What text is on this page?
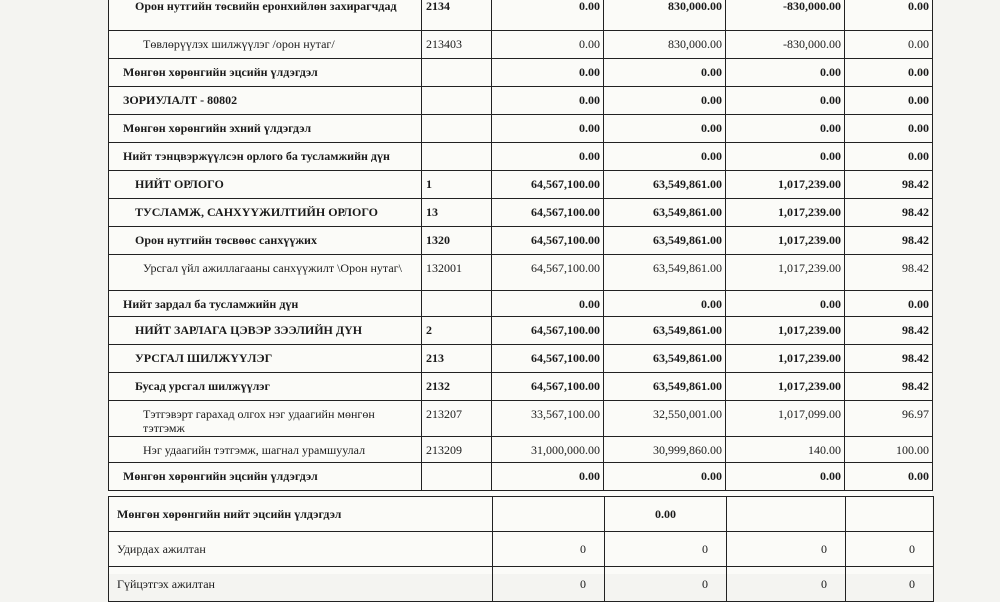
Орон нутгийн төсвийн еронхийлөн захирагчдад	2134	0.00	830,000.00	-830,000.00	0.00
Төвлөрүүлэх шилжүүлэг /орон нутаг/	213403	0.00	830,000.00	-830,000.00	0.00
Мөнгөн хөрөнгийн эцсийн үлдэгдэл		0.00	0.00	0.00	0.00
ЗОРИУЛАЛТ - 80802		0.00	0.00	0.00	0.00
Мөнгөн хөрөнгийн эхний үлдэгдэл		0.00	0.00	0.00	0.00
Нийт тэнцвэржүүлсэн орлого ба тусламжийн дүн		0.00	0.00	0.00	0.00
НИЙТ ОРЛОГО	1	64,567,100.00	63,549,861.00	1,017,239.00	98.42
ТУСЛАМЖ, САНХҮҮЖИЛТИЙН ОРЛОГО	13	64,567,100.00	63,549,861.00	1,017,239.00	98.42
Орон нутгийн төсвөөс санхүүжих	1320	64,567,100.00	63,549,861.00	1,017,239.00	98.42
Урсгал үйл ажиллагааны санхүүжилт \Орон нутаг\	132001	64,567,100.00	63,549,861.00	1,017,239.00	98.42
Нийт зардал ба тусламжийн дүн		0.00	0.00	0.00	0.00
НИЙТ ЗАРЛАГА ЦЭВЭР ЗЭЭЛИЙН ДҮН	2	64,567,100.00	63,549,861.00	1,017,239.00	98.42
УРСГАЛ ШИЛЖҮҮЛЭГ	213	64,567,100.00	63,549,861.00	1,017,239.00	98.42
Бусад урсгал шилжүүлэг	2132	64,567,100.00	63,549,861.00	1,017,239.00	98.42
Тэтгэвэрт гарахад олгох нэг удаагийн мөнгөн тэтгэмж	213207	33,567,100.00	32,550,001.00	1,017,099.00	96.97
Нэг удаагийн тэтгэмж, шагнал урамшуулал	213209	31,000,000.00	30,999,860.00	140.00	100.00
Мөнгөн хөрөнгийн эцсийн үлдэгдэл		0.00	0.00	0.00	0.00
Мөнгөн хөрөнгийн нийт эцсийн үлдэгдэл		0.00		
Удирдах ажилтан	0	0	0	0
Гүйцэтгэх ажилтан	0	0	0	0
